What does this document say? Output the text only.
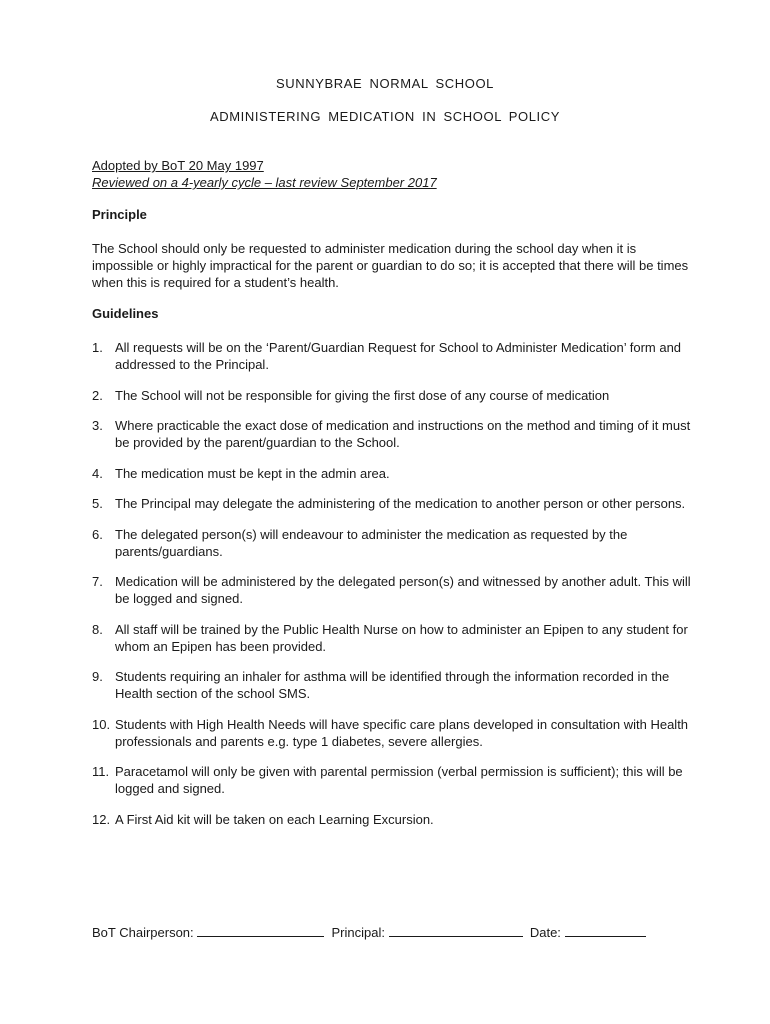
SUNNYBRAE NORMAL SCHOOL
ADMINISTERING MEDICATION IN SCHOOL POLICY
Adopted by BoT 20 May 1997
Reviewed on a 4-yearly cycle – last review September 2017
Principle
The School should only be requested to administer medication during the school day when it is impossible or highly impractical for the parent or guardian to do so; it is accepted that there will be times when this is required for a student’s health.
Guidelines
1. All requests will be on the ‘Parent/Guardian Request for School to Administer Medication’ form and addressed to the Principal.
2. The School will not be responsible for giving the first dose of any course of medication
3. Where practicable the exact dose of medication and instructions on the method and timing of it must be provided by the parent/guardian to the School.
4. The medication must be kept in the admin area.
5. The Principal may delegate the administering of the medication to another person or other persons.
6. The delegated person(s) will endeavour to administer the medication as requested by the parents/guardians.
7. Medication will be administered by the delegated person(s) and witnessed by another adult. This will be logged and signed.
8. All staff will be trained by the Public Health Nurse on how to administer an Epipen to any student for whom an Epipen has been provided.
9. Students requiring an inhaler for asthma will be identified through the information recorded in the Health section of the school SMS.
10. Students with High Health Needs will have specific care plans developed in consultation with Health professionals and parents e.g. type 1 diabetes, severe allergies.
11. Paracetamol will only be given with parental permission (verbal permission is sufficient); this will be logged and signed.
12. A First Aid kit will be taken on each Learning Excursion.
BoT Chairperson:	Principal:	Date:
